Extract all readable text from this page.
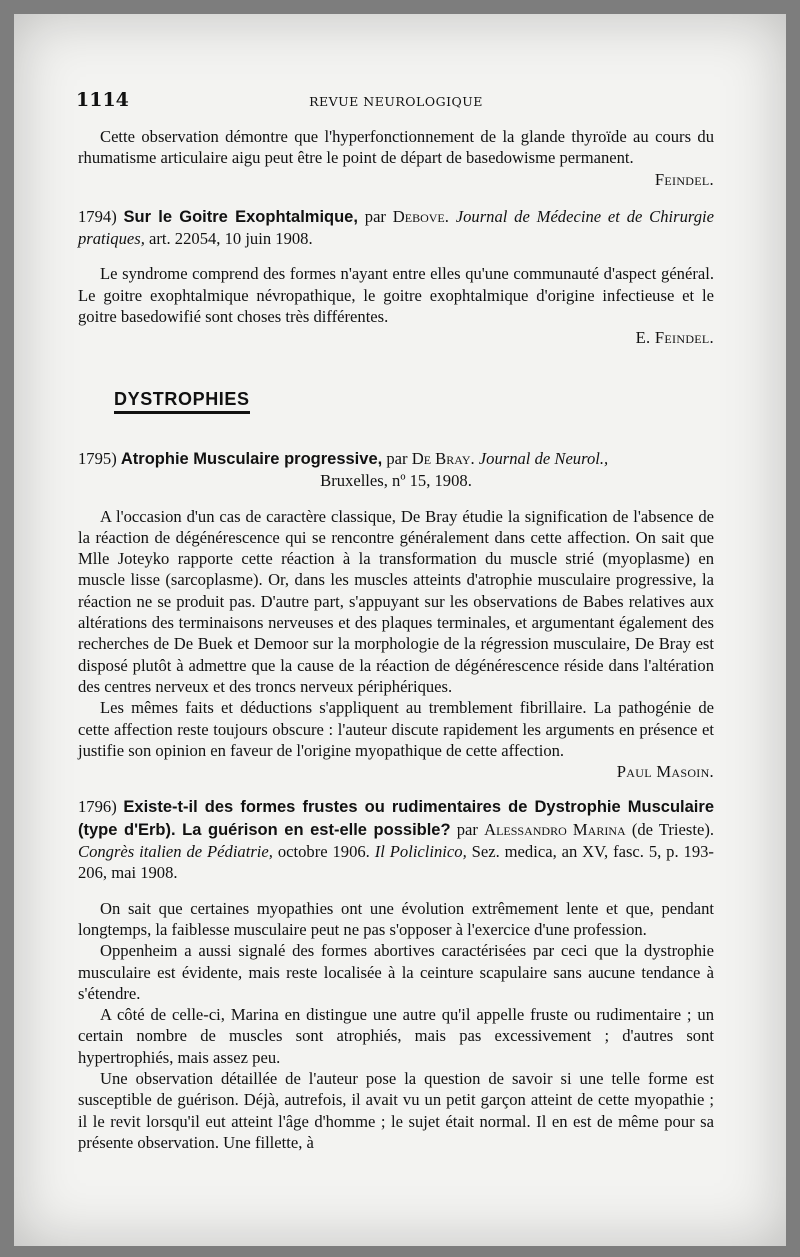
1114	REVUE NEUROLOGIQUE

Cette observation démontre que l'hyperfonctionnement de la glande thyroïde au cours du rhumatisme articulaire aigu peut être le point de départ de basedowisme permanent.

Feindel.

1794) Sur le Goitre Exophtalmique, par Debove. Journal de Médecine et de Chirurgie pratiques, art. 22054, 10 juin 1908.

Le syndrome comprend des formes n'ayant entre elles qu'une communauté d'aspect général. Le goitre exophtalmique névropathique, le goitre exophtalmique d'origine infectieuse et le goitre basedowifié sont choses très différentes.

E. Feindel.

DYSTROPHIES
1795) Atrophie Musculaire progressive, par De Bray. Journal de Neurol.,
Bruxelles, nº 15, 1908.

A l'occasion d'un cas de caractère classique, De Bray étudie la signification de l'absence de la réaction de dégénérescence qui se rencontre généralement dans cette affection. On sait que Mlle Joteyko rapporte cette réaction à la transformation du muscle strié (myoplasme) en muscle lisse (sarcoplasme). Or, dans les muscles atteints d'atrophie musculaire progressive, la réaction ne se produit pas. D'autre part, s'appuyant sur les observations de Babes relatives aux altérations des terminaisons nerveuses et des plaques terminales, et argumentant également des recherches de De Buek et Demoor sur la morphologie de la régression musculaire, De Bray est disposé plutôt à admettre que la cause de la réaction de dégénérescence réside dans l'altération des centres nerveux et des troncs nerveux périphériques.

Les mêmes faits et déductions s'appliquent au tremblement fibrillaire. La pathogénie de cette affection reste toujours obscure : l'auteur discute rapidement les arguments en présence et justifie son opinion en faveur de l'origine myopathique de cette affection.

Paul Masoin.

1796) Existe-t-il des formes frustes ou rudimentaires de Dystrophie Musculaire (type d'Erb). La guérison en est-elle possible? par Alessandro Marina (de Trieste). Congrès italien de Pédiatrie, octobre 1906. Il Policlinico, Sez. medica, an XV, fasc. 5, p. 193-206, mai 1908.

On sait que certaines myopathies ont une évolution extrêmement lente et que, pendant longtemps, la faiblesse musculaire peut ne pas s'opposer à l'exercice d'une profession.

Oppenheim a aussi signalé des formes abortives caractérisées par ceci que la dystrophie musculaire est évidente, mais reste localisée à la ceinture scapulaire sans aucune tendance à s'étendre.

A côté de celle-ci, Marina en distingue une autre qu'il appelle fruste ou rudimentaire ; un certain nombre de muscles sont atrophiés, mais pas excessivement ; d'autres sont hypertrophiés, mais assez peu.

Une observation détaillée de l'auteur pose la question de savoir si une telle forme est susceptible de guérison. Déjà, autrefois, il avait vu un petit garçon atteint de cette myopathie ; il le revit lorsqu'il eut atteint l'âge d'homme ; le sujet était normal. Il en est de même pour sa présente observation. Une fillette, à
